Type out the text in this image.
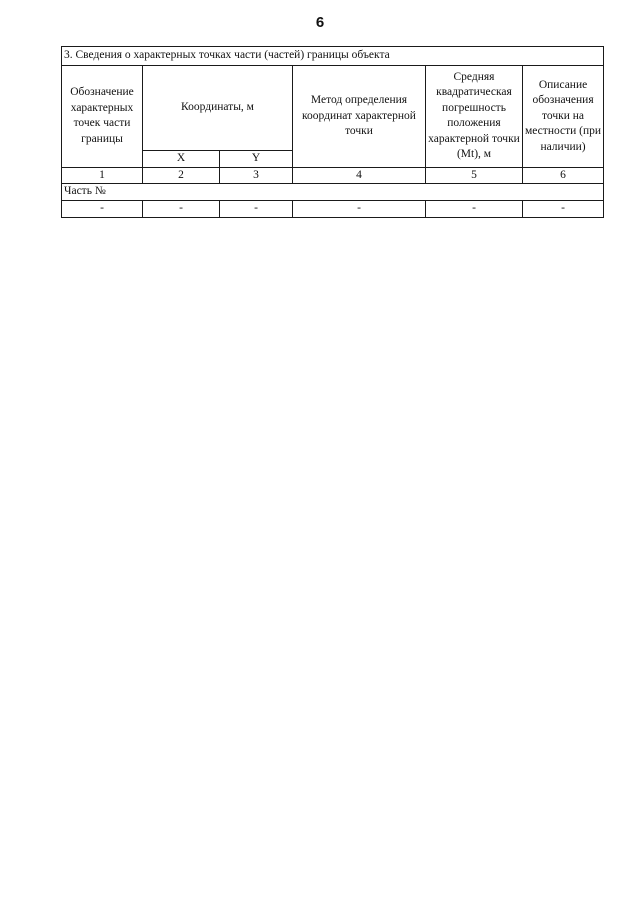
6
3. Сведения о характерных точках части (частей) границы объекта					
Обозначение характерных точек части границы	Координаты, м		Метод определения координат характерной точки	Средняя квадратическая погрешность положения характерной точки (Mt), м	Описание обозначения точки на местности (при наличии)
	X	Y			
1	2	3	4	5	6
Часть №					
-	-	-	-	-	-
